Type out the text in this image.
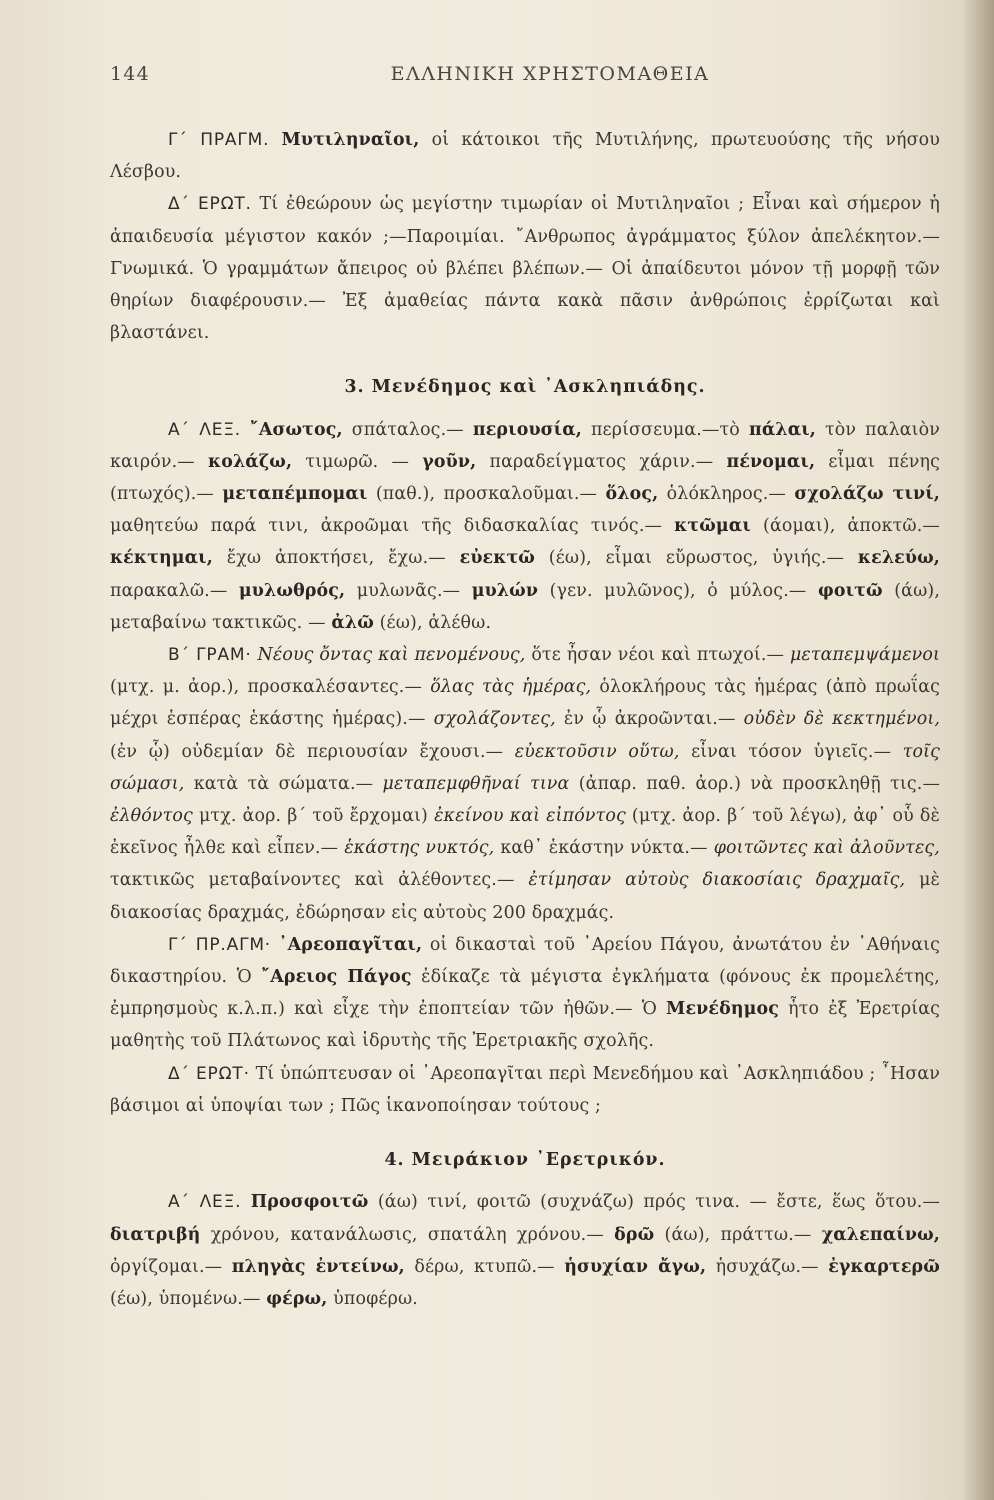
144	ΕΛΛΗΝΙΚΗ ΧΡΗΣΤΟΜΑΘΕΙΑ

Γ΄ ΠΡΑΓΜ. Μυτιληναῖοι, οἱ κάτοικοι τῆς Μυτιλήνης, πρωτευούσης τῆς νήσου Λέσβου.

Δ΄ ΕΡΩΤ. Τί ἐθεώρουν ὡς μεγίστην τιμωρίαν οἱ Μυτιληναῖοι ; Εἶναι καὶ σήμερον ἡ ἀπαιδευσία μέγιστον κακόν ;—Παροιμίαι. ῎Ανθρωπος ἀγράμματος ξύλον ἀπελέκητον.—Γνωμικά. Ὁ γραμμάτων ἄπειρος οὐ βλέπει βλέπων.— Οἱ ἀπαίδευτοι μόνον τῇ μορφῇ τῶν θηρίων διαφέρουσιν.— Ἐξ ἀμαθείας πάντα κακὰ πᾶσιν ἀνθρώποις ἐρρίζωται καὶ βλαστάνει.

3. Μενέδημος καὶ ᾽Ασκληπιάδης.

Α΄ ΛΕΞ. ῎Ασωτος, σπάταλος.— περιουσία, περίσσευμα.—τὸ πάλαι, τὸν παλαιὸν καιρόν.— κολάζω, τιμωρῶ. — γοῦν, παραδείγματος χάριν.— πένομαι, εἶμαι πένης (πτωχός).— μεταπέμπομαι (παθ.), προσκαλοῦμαι.— ὅλος, ὁλόκληρος.— σχολάζω τινί, μαθητεύω παρά τινι, ἀκροῶμαι τῆς διδασκαλίας τινός.— κτῶμαι (άομαι), ἀποκτῶ.— κέκτημαι, ἔχω ἀποκτήσει, ἔχω.— εὐεκτῶ (έω), εἶμαι εὔρωστος, ὑγιής.— κελεύω, παρακαλῶ.— μυλωθρός, μυλωνᾶς.— μυλών (γεν. μυλῶνος), ὁ μύλος.— φοιτῶ (άω), μεταβαίνω τακτικῶς. — ἀλῶ (έω), ἀλέθω.

Β΄ ΓΡΑΜ· Νέους ὄντας καὶ πενομένους, ὅτε ἦσαν νέοι καὶ πτωχοί.— μεταπεμψάμενοι (μτχ. μ. ἀορ.), προσκαλέσαντες.— ὅλας τὰς ἡμέρας, ὁλοκλήρους τὰς ἡμέρας (ἀπὸ πρωΐας μέχρι ἑσπέρας ἑκάστης ἡμέρας).— σχολάζοντες, ἐν ᾧ ἀκροῶνται.— οὐδὲν δὲ κεκτημένοι, (ἐν ᾧ) οὐδεμίαν δὲ περιουσίαν ἔχουσι.— εὐεκτοῦσιν οὕτω, εἶναι τόσον ὑγιεῖς.— τοῖς σώμασι, κατὰ τὰ σώματα.— μεταπεμφθῆναί τινα (ἀπαρ. παθ. ἀορ.) νὰ προσκληθῇ τις.— ἐλθόντος μτχ. ἀορ. β΄ τοῦ ἔρχομαι) ἐκείνου καὶ εἰπόντος (μτχ. ἀορ. β΄ τοῦ λέγω), ἀφ᾽ οὗ δὲ ἐκεῖνος ἦλθε καὶ εἶπεν.— ἑκάστης νυκτός, καθ᾽ ἑκάστην νύκτα.— φοιτῶντες καὶ ἀλοῦντες, τακτικῶς μεταβαίνοντες καὶ ἀλέθοντες.— ἐτίμησαν αὐτοὺς διακοσίαις δραχμαῖς, μὲ διακοσίας δραχμάς, ἐδώρησαν εἰς αὐτοὺς 200 δραχμάς.

Γ΄ ΠΡ.ΑΓΜ· ᾽Αρεοπαγῖται, οἱ δικασταὶ τοῦ ᾽Αρείου Πάγου, ἀνωτάτου ἐν ᾽Αθήναις δικαστηρίου. Ὁ ῎Αρειος Πάγος ἐδίκαζε τὰ μέγιστα ἐγκλήματα (φόνους ἐκ προμελέτης, ἐμπρησμοὺς κ.λ.π.) καὶ εἶχε τὴν ἐποπτείαν τῶν ἠθῶν.— Ὁ Μενέδημος ἦτο ἐξ Ἐρετρίας μαθητὴς τοῦ Πλάτωνος καὶ ἱδρυτὴς τῆς Ἐρετριακῆς σχολῆς.

Δ΄ ΕΡΩΤ· Τί ὑπώπτευσαν οἱ ᾽Αρεοπαγῖται περὶ Μενεδήμου καὶ ᾽Ασκληπιάδου ; ῏Ησαν βάσιμοι αἱ ὑποψίαι των ; Πῶς ἱκανοποίησαν τούτους ;

4. Μειράκιον ᾽Ερετρικόν.

Α΄ ΛΕΞ. Προσφοιτῶ (άω) τινί, φοιτῶ (συχνάζω) πρός τινα. — ἔστε, ἕως ὅτου.— διατριβή χρόνου, κατανάλωσις, σπατάλη χρόνου.— δρῶ (άω), πράττω.— χαλεπαίνω, ὀργίζομαι.— πληγὰς ἐντείνω, δέρω, κτυπῶ.— ἡσυχίαν ἄγω, ἡσυχάζω.— ἐγκαρτερῶ (έω), ὑπομένω.— φέρω, ὑποφέρω.
